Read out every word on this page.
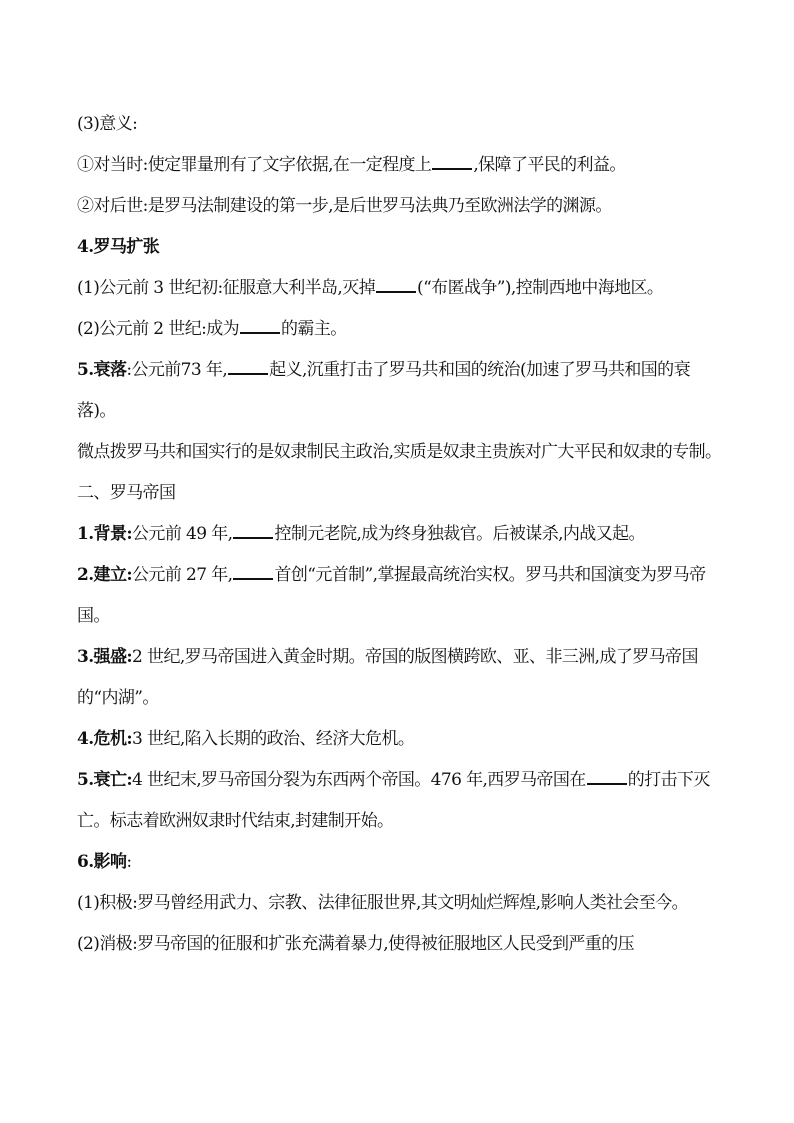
(3)意义:

①对当时:使定罪量刑有了文字依据,在一定程度上 ,保障了平民的利益。

②对后世:是罗马法制建设的第一步,是后世罗马法典乃至欧洲法学的渊源。

4.罗马扩张

(1)公元前 3 世纪初:征服意大利半岛,灭掉 (“布匿战争”),控制西地中海地区。

(2)公元前 2 世纪:成为 的霸主。

5.衰落:公元前73 年, 起义,沉重打击了罗马共和国的统治(加速了罗马共和国的衰落)。

微点拨罗马共和国实行的是奴隶制民主政治,实质是奴隶主贵族对广大平民和奴隶的专制。

二、罗马帝国

1.背景:公元前 49 年, 控制元老院,成为终身独裁官。后被谋杀,内战又起。

2.建立:公元前 27 年, 首创“元首制”,掌握最高统治实权。罗马共和国演变为罗马帝国。

3.强盛:2 世纪,罗马帝国进入黄金时期。帝国的版图横跨欧、亚、非三洲,成了罗马帝国的“内湖”。

4.危机:3 世纪,陷入长期的政治、经济大危机。

5.衰亡:4 世纪末,罗马帝国分裂为东西两个帝国。476 年,西罗马帝国在 的打击下灭亡。标志着欧洲奴隶时代结束,封建制开始。

6.影响:

(1)积极:罗马曾经用武力、宗教、法律征服世界,其文明灿烂辉煌,影响人类社会至今。

(2)消极:罗马帝国的征服和扩张充满着暴力,使得被征服地区人民受到严重的压
